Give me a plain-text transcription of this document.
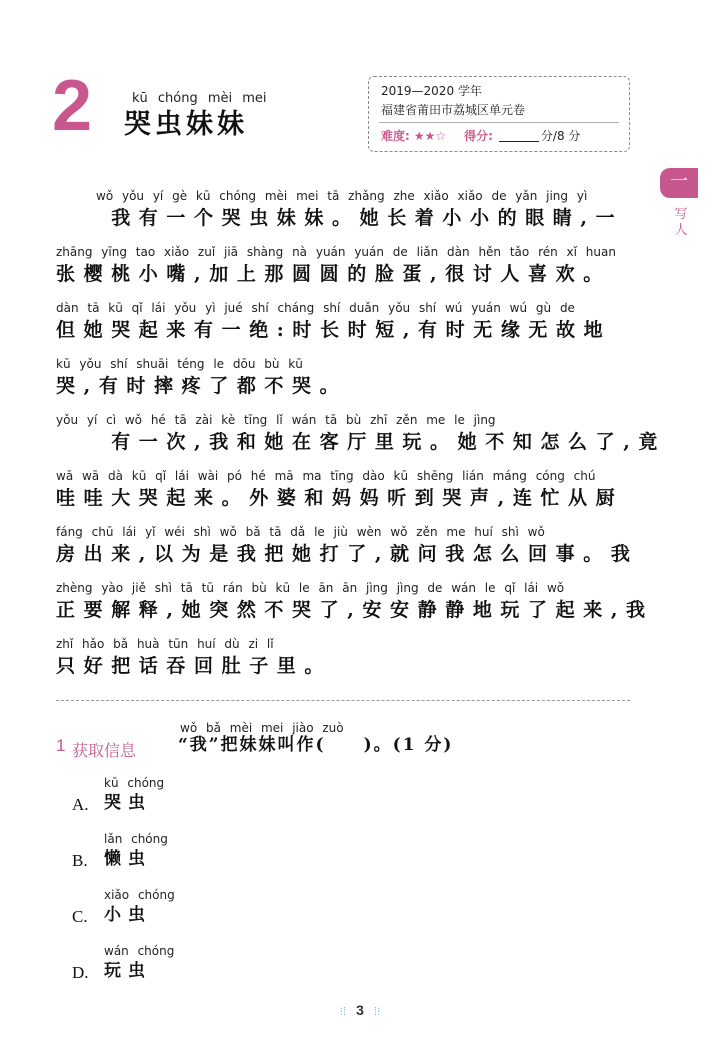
2	kū chóng mèi mei
哭虫妹妹
2019—2020 学年
福建省莆田市荔城区单元卷
难度: ★★☆ 得分:	分/8 分
一
写人
wǒ yǒu yí gè kū chóng mèi mei tā zhǎng zhe xiǎo xiǎo de yǎn jing yì
　　我有一个哭虫妹妹。她长着小小的眼睛,一
zhāng yīng tao xiǎo zuǐ jiā shàng nà yuán yuán de liǎn dàn hěn tǎo rén xǐ huan
张樱桃小嘴,加上那圆圆的脸蛋,很讨人喜欢。
dàn tā kū qǐ lái yǒu yì jué shí cháng shí duǎn yǒu shí wú yuán wú gù de
但她哭起来有一绝:时长时短,有时无缘无故地
kū yǒu shí shuāi téng le dōu bù kū
哭,有时摔疼了都不哭。
yǒu yí cì wǒ hé tā zài kè tīng lǐ wán tā bù zhī zěn me le jìng
　　有一次,我和她在客厅里玩。她不知怎么了,竟
wā wā dà kū qǐ lái wài pó hé mā ma tīng dào kū shēng lián máng cóng chú
哇哇大哭起来。外婆和妈妈听到哭声,连忙从厨
fáng chū lái yǐ wéi shì wǒ bǎ tā dǎ le jiù wèn wǒ zěn me huí shì wǒ
房出来,以为是我把她打了,就问我怎么回事。我
zhèng yào jiě shì tā tū rán bù kū le ān ān jìng jìng de wán le qǐ lái wǒ
正要解释,她突然不哭了,安安静静地玩了起来,我
zhǐ hǎo bǎ huà tūn huí dù zi lǐ
只好把话吞回肚子里。
wǒ bǎ mèi mei jiào zuò
1 获取信息 “我”把妹妹叫作(　　)。(1 分)
kū chóng
A. 哭虫
lǎn chóng
B. 懒虫
xiǎo chóng
C. 小虫
wán chóng
D. 玩虫
⁝⁞ 3 ⁞⁝
